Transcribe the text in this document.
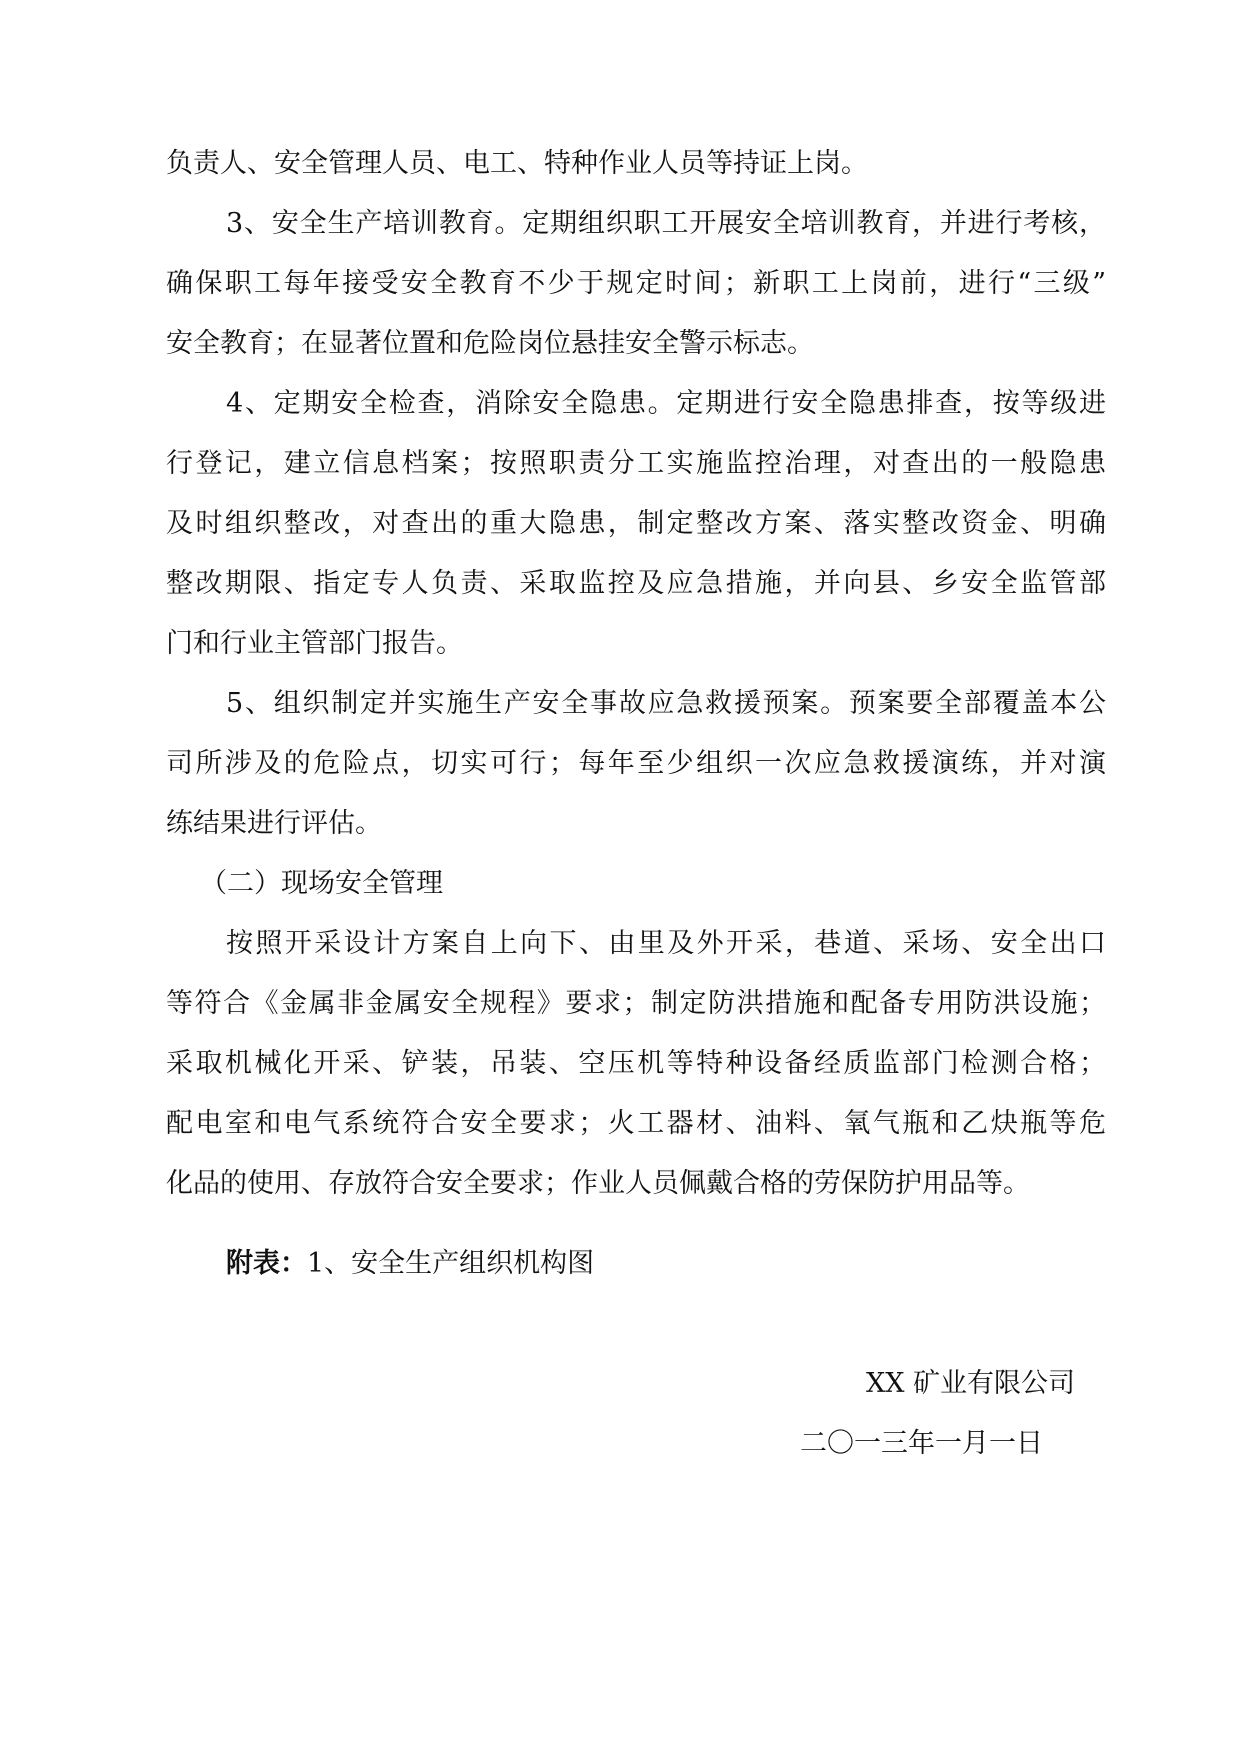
负责人、安全管理人员、电工、特种作业人员等持证上岗。
3、安全生产培训教育。定期组织职工开展安全培训教育，并进行考核，
确保职工每年接受安全教育不少于规定时间；新职工上岗前，进行“三级”
安全教育；在显著位置和危险岗位悬挂安全警示标志。
4、定期安全检查，消除安全隐患。定期进行安全隐患排查，按等级进
行登记，建立信息档案；按照职责分工实施监控治理，对查出的一般隐患
及时组织整改，对查出的重大隐患，制定整改方案、落实整改资金、明确
整改期限、指定专人负责、采取监控及应急措施，并向县、乡安全监管部
门和行业主管部门报告。
5、组织制定并实施生产安全事故应急救援预案。预案要全部覆盖本公
司所涉及的危险点，切实可行；每年至少组织一次应急救援演练，并对演
练结果进行评估。
（二）现场安全管理
按照开采设计方案自上向下、由里及外开采，巷道、采场、安全出口
等符合《金属非金属安全规程》要求；制定防洪措施和配备专用防洪设施；
采取机械化开采、铲装，吊装、空压机等特种设备经质监部门检测合格；
配电室和电气系统符合安全要求；火工器材、油料、氧气瓶和乙炔瓶等危
化品的使用、存放符合安全要求；作业人员佩戴合格的劳保防护用品等。
附表：1、安全生产组织机构图
XX 矿业有限公司
二〇一三年一月一日
